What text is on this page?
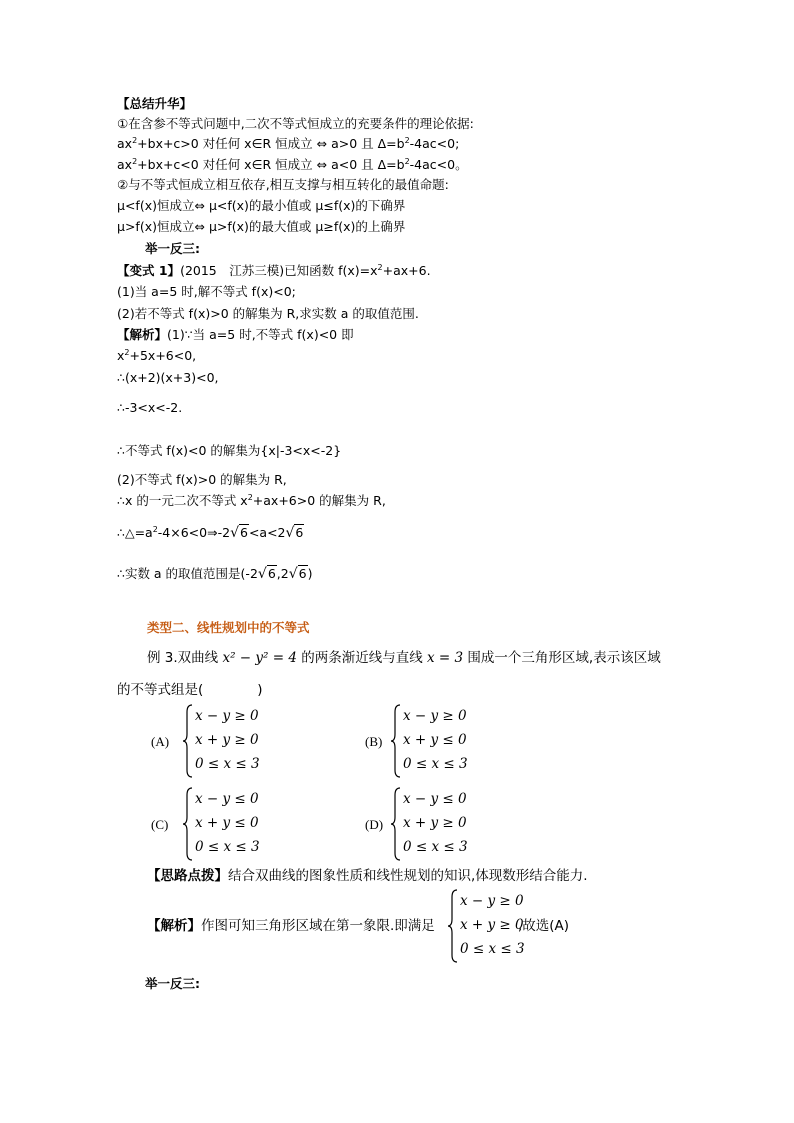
【总结升华】
①在含参不等式问题中,二次不等式恒成立的充要条件的理论依据:
$ax^2+bx+c>0$ 对任何 x∈R 恒成立 ⇔ a>0 且 $\Delta=b^2-4ac<0$;
$ax^2+bx+c<0$ 对任何 x∈R 恒成立 ⇔ a<0 且 $\Delta=b^2-4ac<0$。
②与不等式恒成立相互依存,相互支撑与相互转化的最值命题:
μ<f(x)恒成立⇔ μ<f(x)的最小值或 μ≤f(x)的下确界
μ>f(x)恒成立⇔ μ>f(x)的最大值或 μ≥f(x)的上确界
举一反三:
【变式 1】(2015　江苏三模)已知函数 $f(x)=x^2+ax+6$.
(1)当 a=5 时,解不等式 f(x)<0;
(2)若不等式 f(x)>0 的解集为 R,求实数 a 的取值范围.
【解析】(1)∵当 a=5 时,不等式 f(x)<0 即
$x^2+5x+6<0$,
∴(x+2)(x+3)<0,
∴-3<x<-2.
∴不等式 f(x)<0 的解集为{x|-3<x<-2}
(2)不等式 f(x)>0 的解集为 R,
∴x 的一元二次不等式 $x^2+ax+6>0$ 的解集为 R,
$\therefore\triangle=a^2-4\times 6<0\Rightarrow-2√6<a<2√6$
∴实数 a 的取值范围是(-2√6,2√6)
类型二、线性规划中的不等式
例 3.双曲线 x² − y² = 4 的两条渐近线与直线 x = 3 围成一个三角形区域,表示该区域
的不等式组是(　　　　)
(A)
x − y ≥ 0
x + y ≥ 0
0 ≤ x ≤ 3
(B)
x − y ≥ 0
x + y ≤ 0
0 ≤ x ≤ 3
(C)
x − y ≤ 0
x + y ≤ 0
0 ≤ x ≤ 3
(D)
x − y ≤ 0
x + y ≥ 0
0 ≤ x ≤ 3
【思路点拨】结合双曲线的图象性质和线性规划的知识,体现数形结合能力.
【解析】作图可知三角形区域在第一象限.即满足
x − y ≥ 0
x + y ≥ 0
0 ≤ x ≤ 3
,故选(A)
举一反三:
